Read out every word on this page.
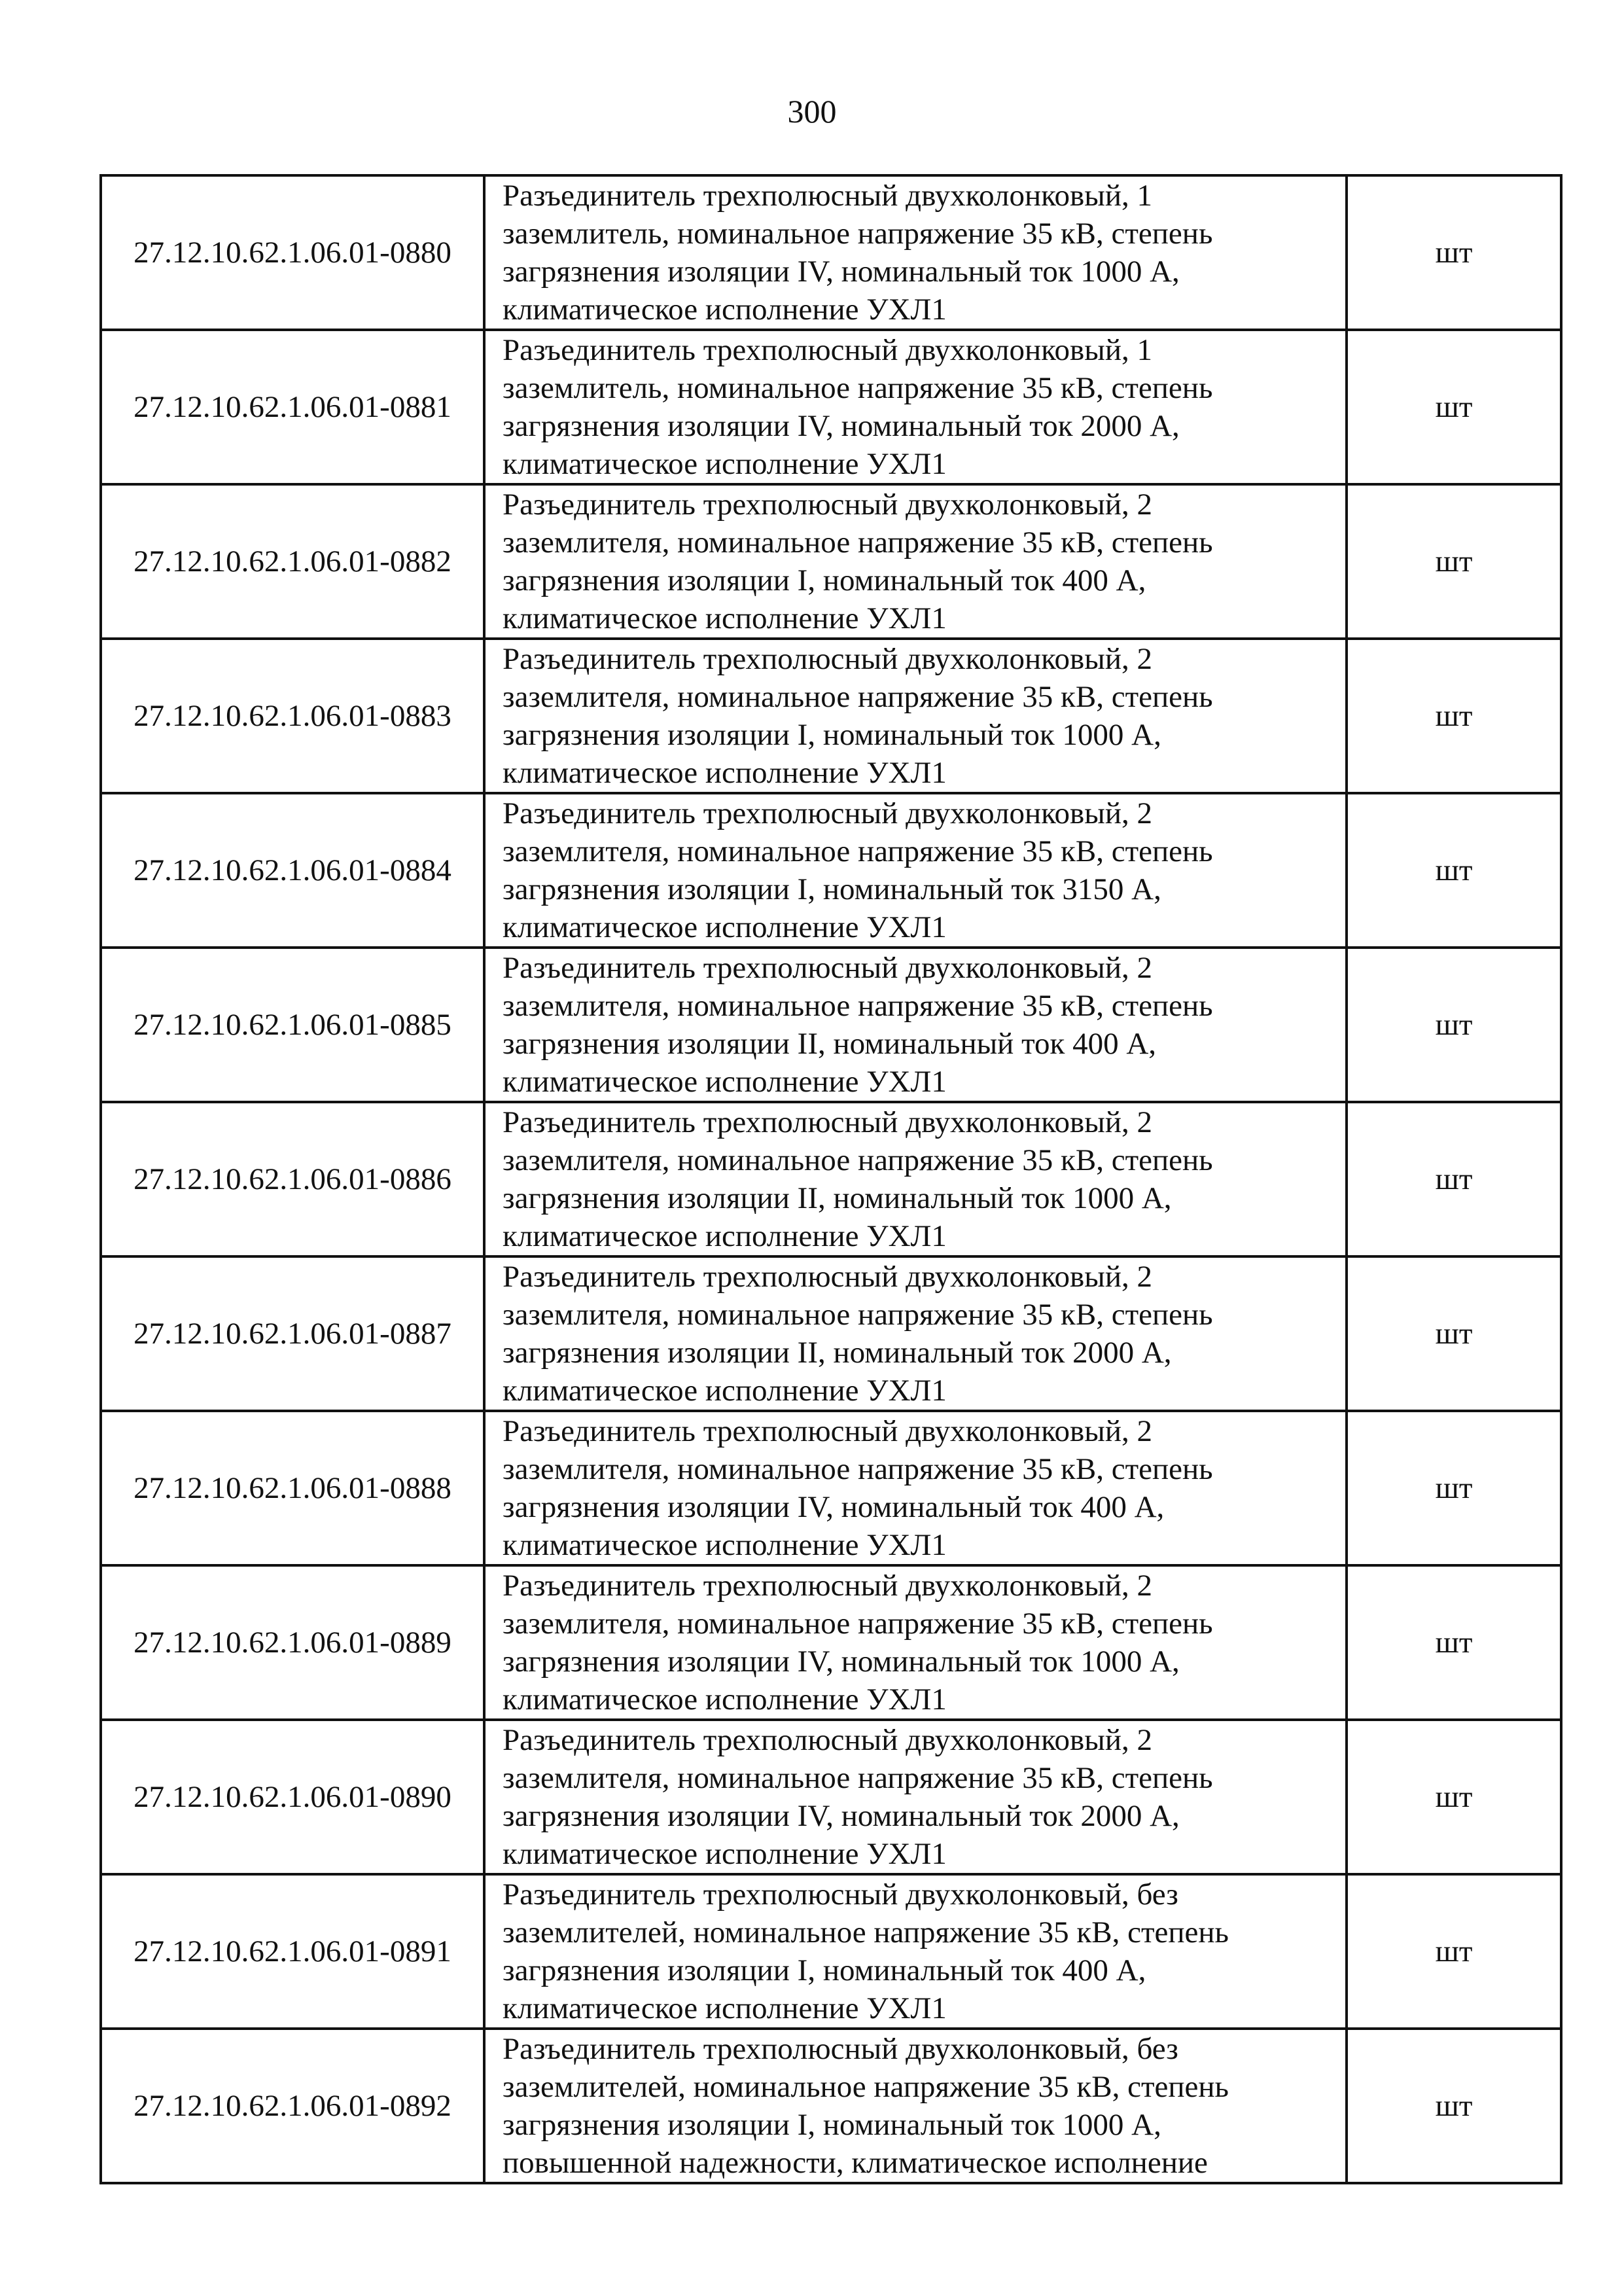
300
27.12.10.62.1.06.01-0880	Разъединитель трехполюсный двухколонковый, 1
заземлитель, номинальное напряжение 35 кВ, степень
загрязнения изоляции IV, номинальный ток 1000 А,
климатическое исполнение УХЛ1	шт
27.12.10.62.1.06.01-0881	Разъединитель трехполюсный двухколонковый, 1
заземлитель, номинальное напряжение 35 кВ, степень
загрязнения изоляции IV, номинальный ток 2000 А,
климатическое исполнение УХЛ1	шт
27.12.10.62.1.06.01-0882	Разъединитель трехполюсный двухколонковый, 2
заземлителя, номинальное напряжение 35 кВ, степень
загрязнения изоляции I, номинальный ток 400 А,
климатическое исполнение УХЛ1	шт
27.12.10.62.1.06.01-0883	Разъединитель трехполюсный двухколонковый, 2
заземлителя, номинальное напряжение 35 кВ, степень
загрязнения изоляции I, номинальный ток 1000 А,
климатическое исполнение УХЛ1	шт
27.12.10.62.1.06.01-0884	Разъединитель трехполюсный двухколонковый, 2
заземлителя, номинальное напряжение 35 кВ, степень
загрязнения изоляции I, номинальный ток 3150 А,
климатическое исполнение УХЛ1	шт
27.12.10.62.1.06.01-0885	Разъединитель трехполюсный двухколонковый, 2
заземлителя, номинальное напряжение 35 кВ, степень
загрязнения изоляции II, номинальный ток 400 А,
климатическое исполнение УХЛ1	шт
27.12.10.62.1.06.01-0886	Разъединитель трехполюсный двухколонковый, 2
заземлителя, номинальное напряжение 35 кВ, степень
загрязнения изоляции II, номинальный ток 1000 А,
климатическое исполнение УХЛ1	шт
27.12.10.62.1.06.01-0887	Разъединитель трехполюсный двухколонковый, 2
заземлителя, номинальное напряжение 35 кВ, степень
загрязнения изоляции II, номинальный ток 2000 А,
климатическое исполнение УХЛ1	шт
27.12.10.62.1.06.01-0888	Разъединитель трехполюсный двухколонковый, 2
заземлителя, номинальное напряжение 35 кВ, степень
загрязнения изоляции IV, номинальный ток 400 А,
климатическое исполнение УХЛ1	шт
27.12.10.62.1.06.01-0889	Разъединитель трехполюсный двухколонковый, 2
заземлителя, номинальное напряжение 35 кВ, степень
загрязнения изоляции IV, номинальный ток 1000 А,
климатическое исполнение УХЛ1	шт
27.12.10.62.1.06.01-0890	Разъединитель трехполюсный двухколонковый, 2
заземлителя, номинальное напряжение 35 кВ, степень
загрязнения изоляции IV, номинальный ток 2000 А,
климатическое исполнение УХЛ1	шт
27.12.10.62.1.06.01-0891	Разъединитель трехполюсный двухколонковый, без
заземлителей, номинальное напряжение 35 кВ, степень
загрязнения изоляции I, номинальный ток 400 А,
климатическое исполнение УХЛ1	шт
27.12.10.62.1.06.01-0892	Разъединитель трехполюсный двухколонковый, без
заземлителей, номинальное напряжение 35 кВ, степень
загрязнения изоляции I, номинальный ток 1000 А,
повышенной надежности, климатическое исполнение	шт
